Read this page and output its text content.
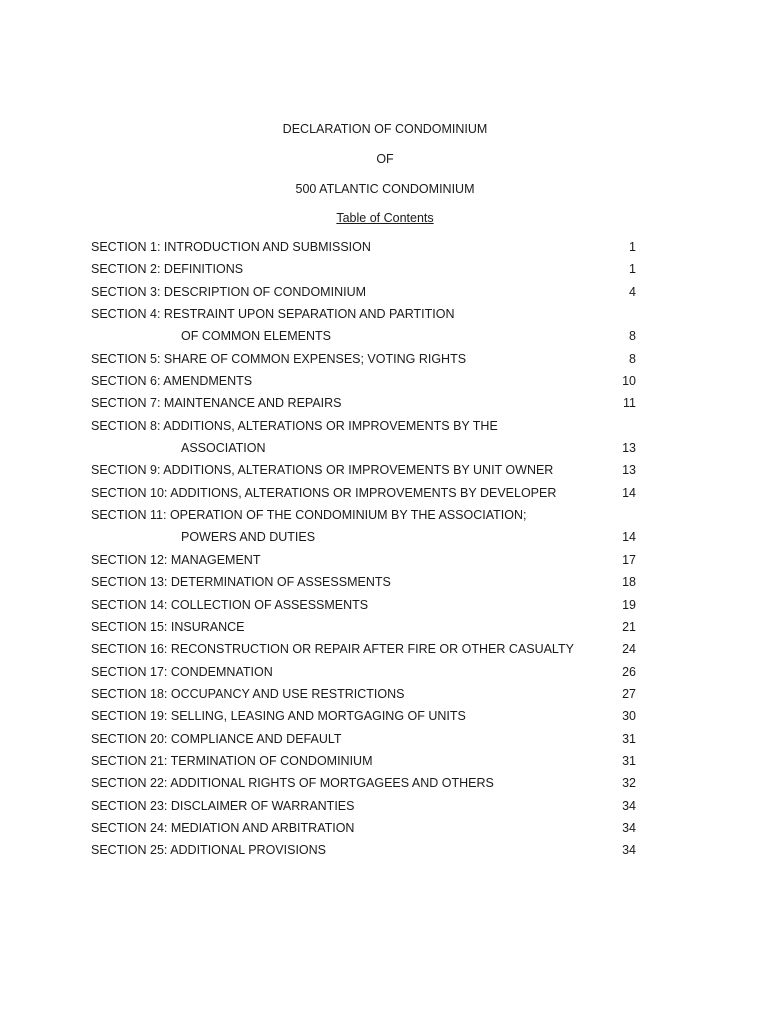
DECLARATION OF CONDOMINIUM
OF
500 ATLANTIC CONDOMINIUM
Table of Contents
SECTION 1: INTRODUCTION AND SUBMISSION	1
SECTION 2: DEFINITIONS	1
SECTION 3: DESCRIPTION OF CONDOMINIUM	4
SECTION 4: RESTRAINT UPON SEPARATION AND PARTITION
OF COMMON ELEMENTS	8
SECTION 5: SHARE OF COMMON EXPENSES; VOTING RIGHTS	8
SECTION 6: AMENDMENTS	10
SECTION 7: MAINTENANCE AND REPAIRS	11
SECTION 8: ADDITIONS, ALTERATIONS OR IMPROVEMENTS BY THE
ASSOCIATION	13
SECTION 9: ADDITIONS, ALTERATIONS OR IMPROVEMENTS BY UNIT OWNER	13
SECTION 10: ADDITIONS, ALTERATIONS OR IMPROVEMENTS BY DEVELOPER	14
SECTION 11: OPERATION OF THE CONDOMINIUM BY THE ASSOCIATION;
POWERS AND DUTIES	14
SECTION 12: MANAGEMENT	17
SECTION 13: DETERMINATION OF ASSESSMENTS	18
SECTION 14: COLLECTION OF ASSESSMENTS	19
SECTION 15: INSURANCE	21
SECTION 16: RECONSTRUCTION OR REPAIR AFTER FIRE OR OTHER CASUALTY	24
SECTION 17: CONDEMNATION	26
SECTION 18: OCCUPANCY AND USE RESTRICTIONS	27
SECTION 19: SELLING, LEASING AND MORTGAGING OF UNITS	30
SECTION 20: COMPLIANCE AND DEFAULT	31
SECTION 21: TERMINATION OF CONDOMINIUM	31
SECTION 22: ADDITIONAL RIGHTS OF MORTGAGEES AND OTHERS	32
SECTION 23: DISCLAIMER OF WARRANTIES	34
SECTION 24: MEDIATION AND ARBITRATION	34
SECTION 25: ADDITIONAL PROVISIONS	34
